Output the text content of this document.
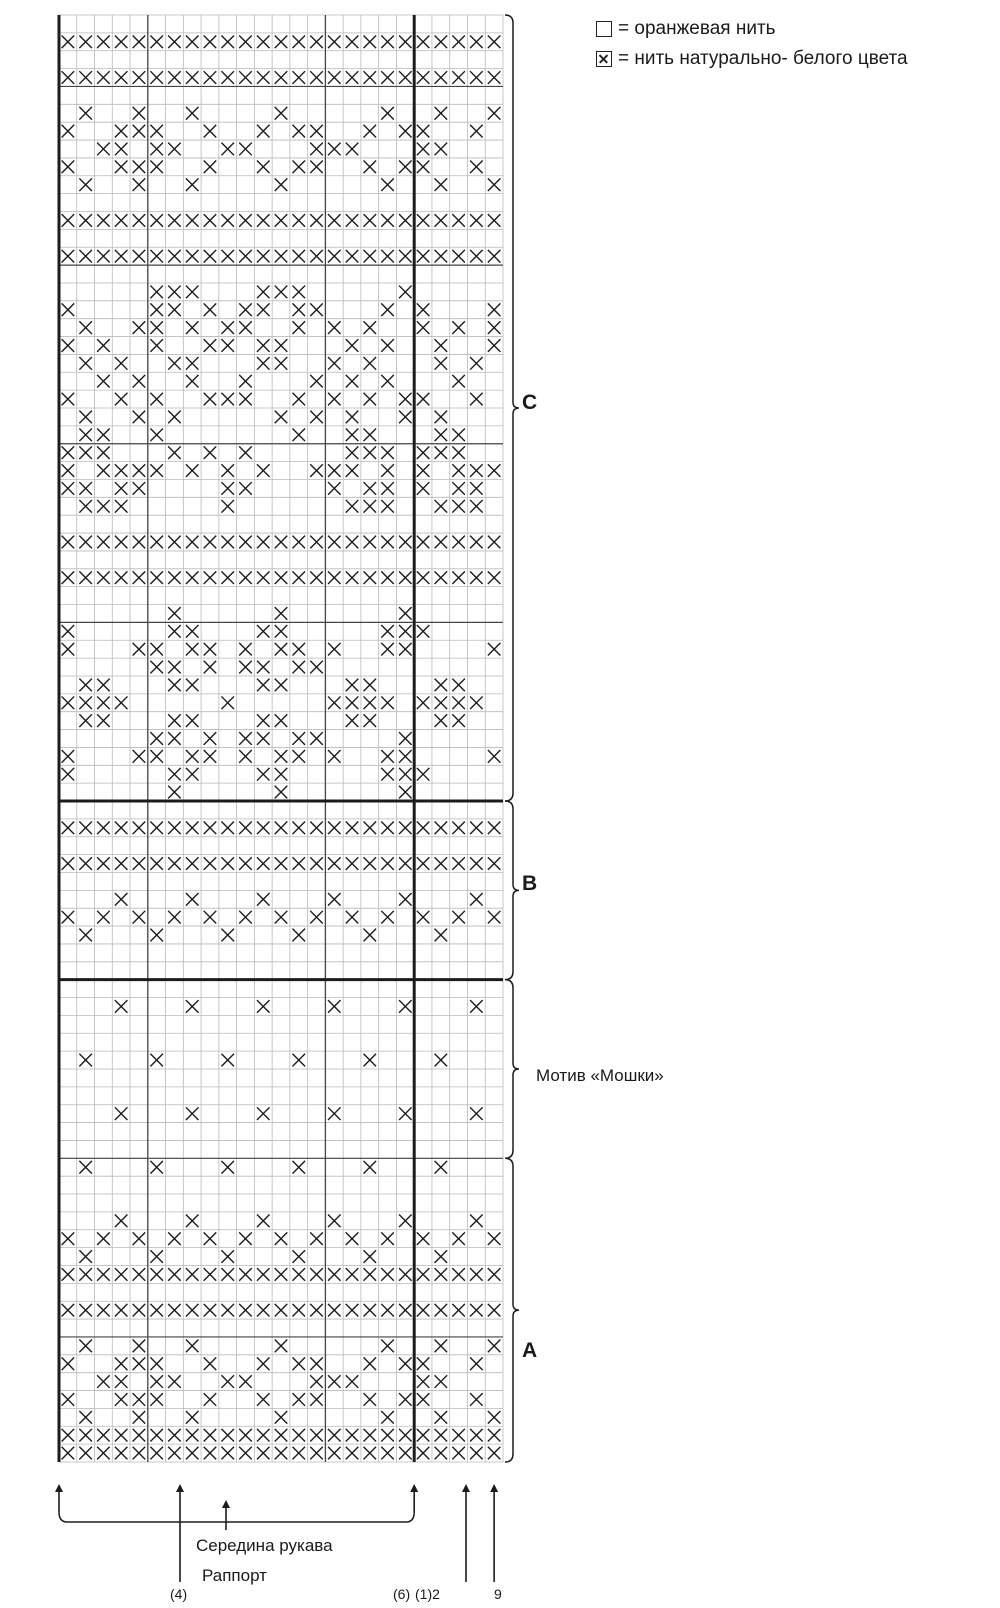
= оранжевая нить
= нить натурально- белого цвета
C
B
Мотив «Мошки»
A
Середина рукава
Раппорт
(4)	(6) (1)2	9
